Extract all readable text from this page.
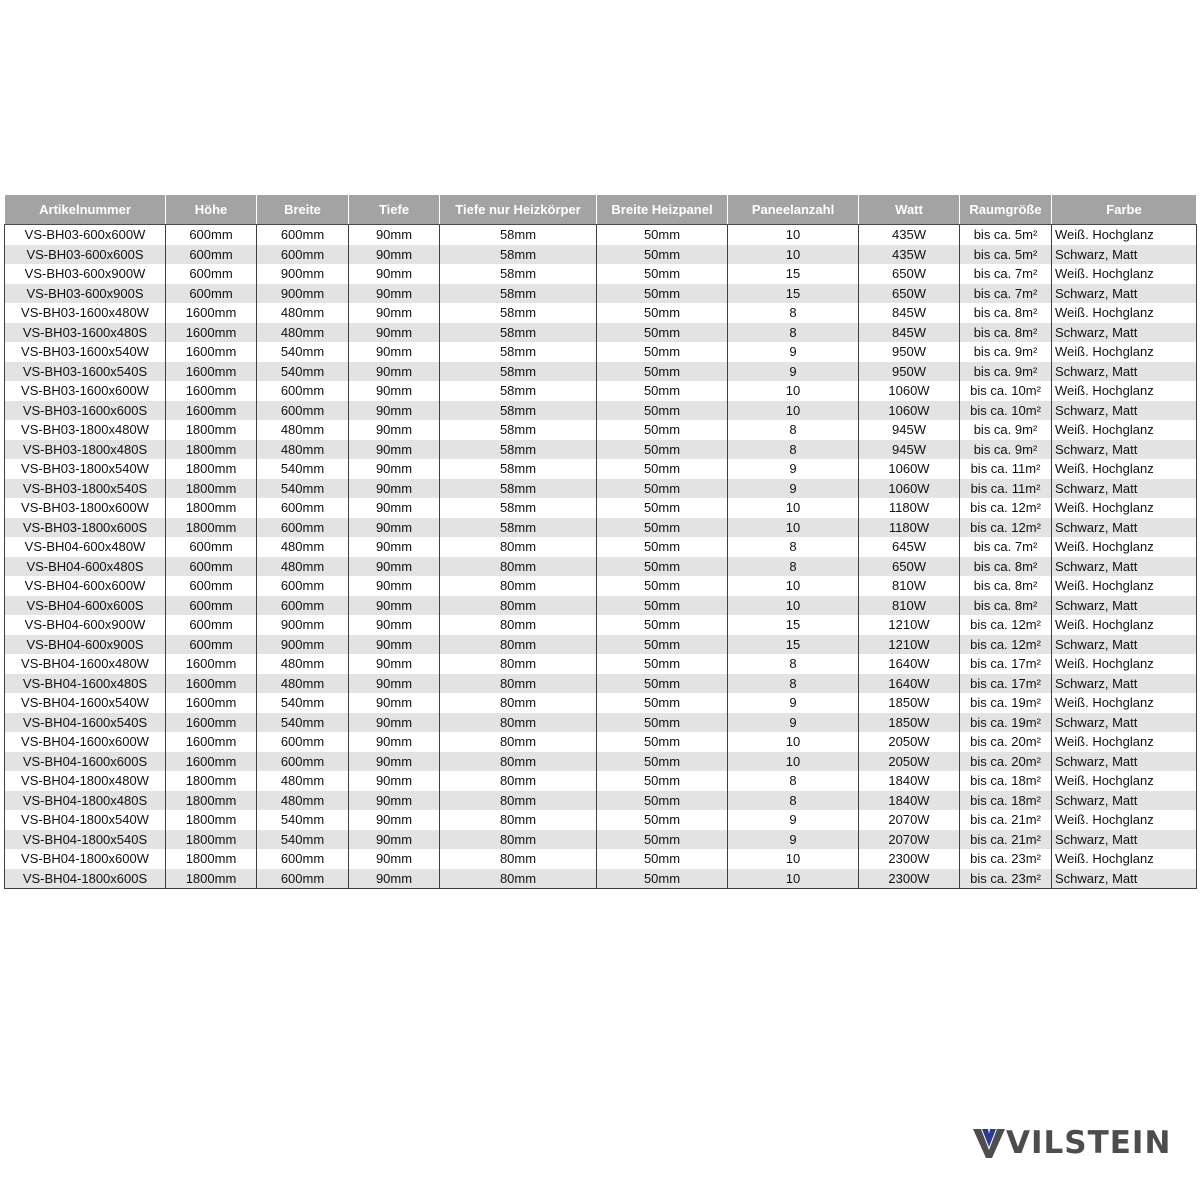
Artikelnummer	Höhe	Breite	Tiefe	Tiefe nur Heizkörper	Breite Heizpanel	Paneelanzahl	Watt	Raumgröße	Farbe
VS-BH03-600x600W	600mm	600mm	90mm	58mm	50mm	10	435W	bis ca. 5m²	Weiß. Hochglanz
VS-BH03-600x600S	600mm	600mm	90mm	58mm	50mm	10	435W	bis ca. 5m²	Schwarz, Matt
VS-BH03-600x900W	600mm	900mm	90mm	58mm	50mm	15	650W	bis ca. 7m²	Weiß. Hochglanz
VS-BH03-600x900S	600mm	900mm	90mm	58mm	50mm	15	650W	bis ca. 7m²	Schwarz, Matt
VS-BH03-1600x480W	1600mm	480mm	90mm	58mm	50mm	8	845W	bis ca. 8m²	Weiß. Hochglanz
VS-BH03-1600x480S	1600mm	480mm	90mm	58mm	50mm	8	845W	bis ca. 8m²	Schwarz, Matt
VS-BH03-1600x540W	1600mm	540mm	90mm	58mm	50mm	9	950W	bis ca. 9m²	Weiß. Hochglanz
VS-BH03-1600x540S	1600mm	540mm	90mm	58mm	50mm	9	950W	bis ca. 9m²	Schwarz, Matt
VS-BH03-1600x600W	1600mm	600mm	90mm	58mm	50mm	10	1060W	bis ca. 10m²	Weiß. Hochglanz
VS-BH03-1600x600S	1600mm	600mm	90mm	58mm	50mm	10	1060W	bis ca. 10m²	Schwarz, Matt
VS-BH03-1800x480W	1800mm	480mm	90mm	58mm	50mm	8	945W	bis ca. 9m²	Weiß. Hochglanz
VS-BH03-1800x480S	1800mm	480mm	90mm	58mm	50mm	8	945W	bis ca. 9m²	Schwarz, Matt
VS-BH03-1800x540W	1800mm	540mm	90mm	58mm	50mm	9	1060W	bis ca. 11m²	Weiß. Hochglanz
VS-BH03-1800x540S	1800mm	540mm	90mm	58mm	50mm	9	1060W	bis ca. 11m²	Schwarz, Matt
VS-BH03-1800x600W	1800mm	600mm	90mm	58mm	50mm	10	1180W	bis ca. 12m²	Weiß. Hochglanz
VS-BH03-1800x600S	1800mm	600mm	90mm	58mm	50mm	10	1180W	bis ca. 12m²	Schwarz, Matt
VS-BH04-600x480W	600mm	480mm	90mm	80mm	50mm	8	645W	bis ca. 7m²	Weiß. Hochglanz
VS-BH04-600x480S	600mm	480mm	90mm	80mm	50mm	8	650W	bis ca. 8m²	Schwarz, Matt
VS-BH04-600x600W	600mm	600mm	90mm	80mm	50mm	10	810W	bis ca. 8m²	Weiß. Hochglanz
VS-BH04-600x600S	600mm	600mm	90mm	80mm	50mm	10	810W	bis ca. 8m²	Schwarz, Matt
VS-BH04-600x900W	600mm	900mm	90mm	80mm	50mm	15	1210W	bis ca. 12m²	Weiß. Hochglanz
VS-BH04-600x900S	600mm	900mm	90mm	80mm	50mm	15	1210W	bis ca. 12m²	Schwarz, Matt
VS-BH04-1600x480W	1600mm	480mm	90mm	80mm	50mm	8	1640W	bis ca. 17m²	Weiß. Hochglanz
VS-BH04-1600x480S	1600mm	480mm	90mm	80mm	50mm	8	1640W	bis ca. 17m²	Schwarz, Matt
VS-BH04-1600x540W	1600mm	540mm	90mm	80mm	50mm	9	1850W	bis ca. 19m²	Weiß. Hochglanz
VS-BH04-1600x540S	1600mm	540mm	90mm	80mm	50mm	9	1850W	bis ca. 19m²	Schwarz, Matt
VS-BH04-1600x600W	1600mm	600mm	90mm	80mm	50mm	10	2050W	bis ca. 20m²	Weiß. Hochglanz
VS-BH04-1600x600S	1600mm	600mm	90mm	80mm	50mm	10	2050W	bis ca. 20m²	Schwarz, Matt
VS-BH04-1800x480W	1800mm	480mm	90mm	80mm	50mm	8	1840W	bis ca. 18m²	Weiß. Hochglanz
VS-BH04-1800x480S	1800mm	480mm	90mm	80mm	50mm	8	1840W	bis ca. 18m²	Schwarz, Matt
VS-BH04-1800x540W	1800mm	540mm	90mm	80mm	50mm	9	2070W	bis ca. 21m²	Weiß. Hochglanz
VS-BH04-1800x540S	1800mm	540mm	90mm	80mm	50mm	9	2070W	bis ca. 21m²	Schwarz, Matt
VS-BH04-1800x600W	1800mm	600mm	90mm	80mm	50mm	10	2300W	bis ca. 23m²	Weiß. Hochglanz
VS-BH04-1800x600S	1800mm	600mm	90mm	80mm	50mm	10	2300W	bis ca. 23m²	Schwarz, Matt
VILSTEIN
